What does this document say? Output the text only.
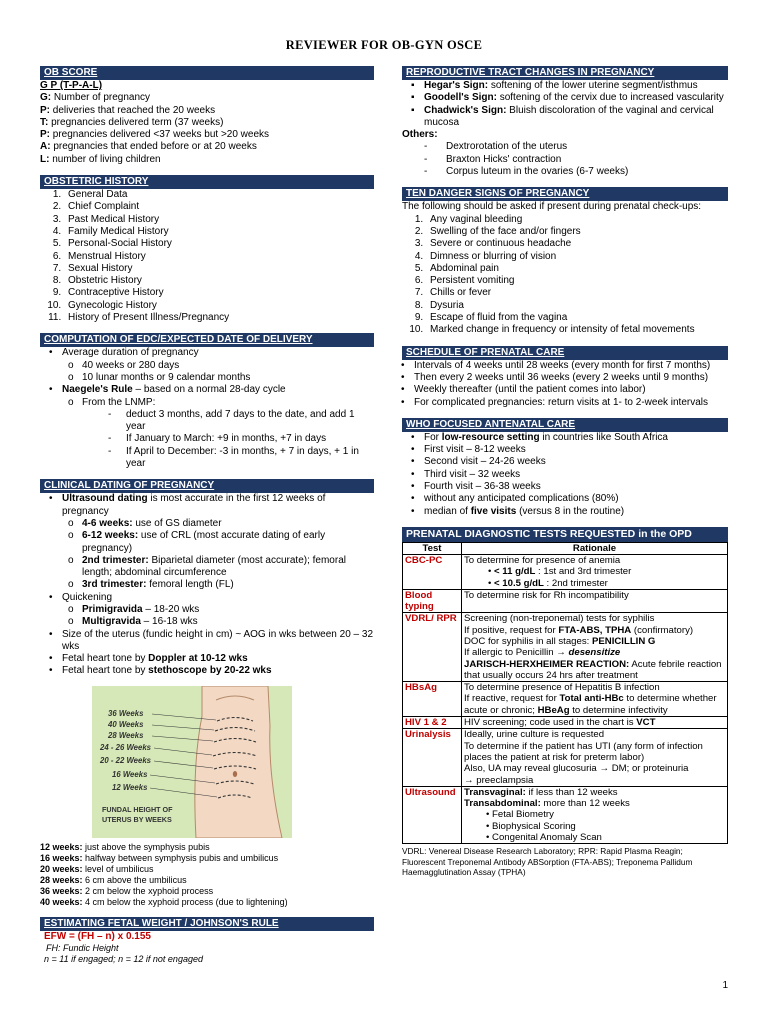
REVIEWER FOR OB-GYN OSCE
OB SCORE
G P (T-P-A-L)
G: Number of pregnancy
P: deliveries that reached the 20 weeks
T: pregnancies delivered term (37 weeks)
P: pregnancies delivered <37 weeks but >20 weeks
A: pregnancies that ended before or at 20 weeks
L: number of living children
OBSTETRIC HISTORY
1. General Data
2. Chief Complaint
3. Past Medical History
4. Family Medical History
5. Personal-Social History
6. Menstrual History
7. Sexual History
8. Obstetric History
9. Contraceptive History
10. Gynecologic History
11. History of Present Illness/Pregnancy
COMPUTATION OF EDC/EXPECTED DATE OF DELIVERY
• Average duration of pregnancy
o 40 weeks or 280 days
o 10 lunar months or 9 calendar months
• Naegele's Rule – based on a normal 28-day cycle
o From the LNMP:
- deduct 3 months, add 7 days to the date, and add 1 year
- If January to March: +9 in months, +7 in days
- If April to December: -3 in months, + 7 in days, + 1 in year
CLINICAL DATING OF PREGNANCY
• Ultrasound dating is most accurate in the first 12 weeks of pregnancy
o 4-6 weeks: use of GS diameter
o 6-12 weeks: use of CRL (most accurate dating of early pregnancy)
o 2nd trimester: Biparietal diameter (most accurate); femoral length; abdominal circumference
o 3rd trimester: femoral length (FL)
• Quickening
o Primigravida – 18-20 wks
o Multigravida – 16-18 wks
• Size of the uterus (fundic height in cm) ~ AOG in wks between 20 – 32 wks
• Fetal heart tone by Doppler at 10-12 wks
• Fetal heart tone by stethoscope by 20-22 wks
36 Weeks
40 Weeks
28 Weeks
24 - 26 Weeks
20 - 22 Weeks
16 Weeks
12 Weeks
FUNDAL HEIGHT OF
UTERUS BY WEEKS
12 weeks: just above the symphysis pubis
16 weeks: halfway between symphysis pubis and umbilicus
20 weeks: level of umbilicus
28 weeks: 6 cm above the umbilicus
36 weeks: 2 cm below the xyphoid process
40 weeks: 4 cm below the xyphoid process (due to lightening)
ESTIMATING FETAL WEIGHT / JOHNSON'S RULE
EFW = (FH – n) x 0.155
FH: Fundic Height
n = 11 if engaged; n = 12 if not engaged
REPRODUCTIVE TRACT CHANGES IN PREGNANCY
▪ Hegar's Sign: softening of the lower uterine segment/isthmus
▪ Goodell's Sign: softening of the cervix due to increased vascularity
▪ Chadwick's Sign: Bluish discoloration of the vaginal and cervical mucosa
Others:
- Dextrorotation of the uterus
- Braxton Hicks' contraction
- Corpus luteum in the ovaries (6-7 weeks)
TEN DANGER SIGNS OF PREGNANCY
The following should be asked if present during prenatal check-ups:
1. Any vaginal bleeding
2. Swelling of the face and/or fingers
3. Severe or continuous headache
4. Dimness or blurring of vision
5. Abdominal pain
6. Persistent vomiting
7. Chills or fever
8. Dysuria
9. Escape of fluid from the vagina
10. Marked change in frequency or intensity of fetal movements
SCHEDULE OF PRENATAL CARE
• Intervals of 4 weeks until 28 weeks (every month for first 7 months)
• Then every 2 weeks until 36 weeks (every 2 weeks until 9 months)
• Weekly thereafter (until the patient comes into labor)
• For complicated pregnancies: return visits at 1- to 2-week intervals
WHO FOCUSED ANTENATAL CARE
• For low-resource setting in countries like South Africa
• First visit – 8-12 weeks
• Second visit – 24-26 weeks
• Third visit – 32 weeks
• Fourth visit – 36-38 weeks
• without any anticipated complications (80%)
• median of five visits (versus 8 in the routine)
PRENATAL DIAGNOSTIC TESTS REQUESTED in the OPD
Test	Rationale
CBC-PC	To determine for presence of anemia
• < 11 g/dL : 1st and 3rd trimester
• < 10.5 g/dL : 2nd trimester

Blood typing	To determine risk for Rh incompatibility
VDRL/ RPR	Screening (non-treponemal) tests for syphilis
If positive, request for FTA-ABS, TPHA (confirmatory)
DOC for syphilis in all stages: PENICILLIN G
If allergic to Penicillin → desensitize
JARISCH-HERXHEIMER REACTION: Acute febrile reaction that usually occurs 24 hrs after treatment

HBsAg	To determine presence of Hepatitis B infection
If reactive, request for Total anti-HBc to determine whether acute or chronic; HBeAg to determine infectivity

HIV 1 & 2	HIV screening; code used in the chart is VCT
Urinalysis	Ideally, urine culture is requested
To determine if the patient has UTI (any form of infection places the patient at risk for preterm labor)
Also, UA may reveal glucosuria → DM; or proteinuria
→ preeclampsia

Ultrasound	Transvaginal: if less than 12 weeks
Transabdominal: more than 12 weeks
• Fetal Biometry
• Biophysical Scoring
• Congenital Anomaly Scan
VDRL: Venereal Disease Research Laboratory; RPR: Rapid Plasma Reagin; Fluorescent Treponemal Antibody ABSorption (FTA-ABS); Treponema Pallidum Haemagglutination Assay (TPHA)
1
